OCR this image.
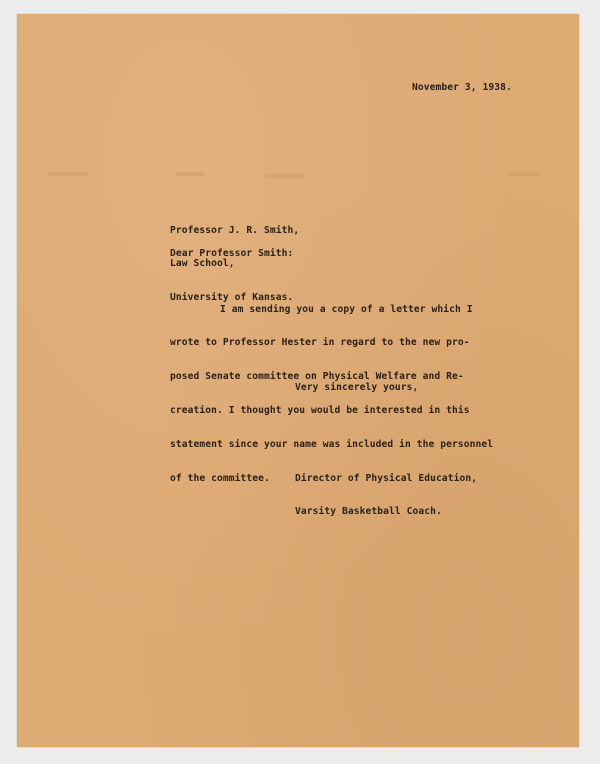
November 3, 1938.

Professor J. R. Smith,

Law School,

University of Kansas.

Dear Professor Smith:

I am sending you a copy of a letter which I

wrote to Professor Hester in regard to the new pro-

posed Senate committee on Physical Welfare and Re-

creation. I thought you would be interested in this

statement since your name was included in the personnel

of the committee.

Very sincerely yours,

Director of Physical Education,

Varsity Basketball Coach.
